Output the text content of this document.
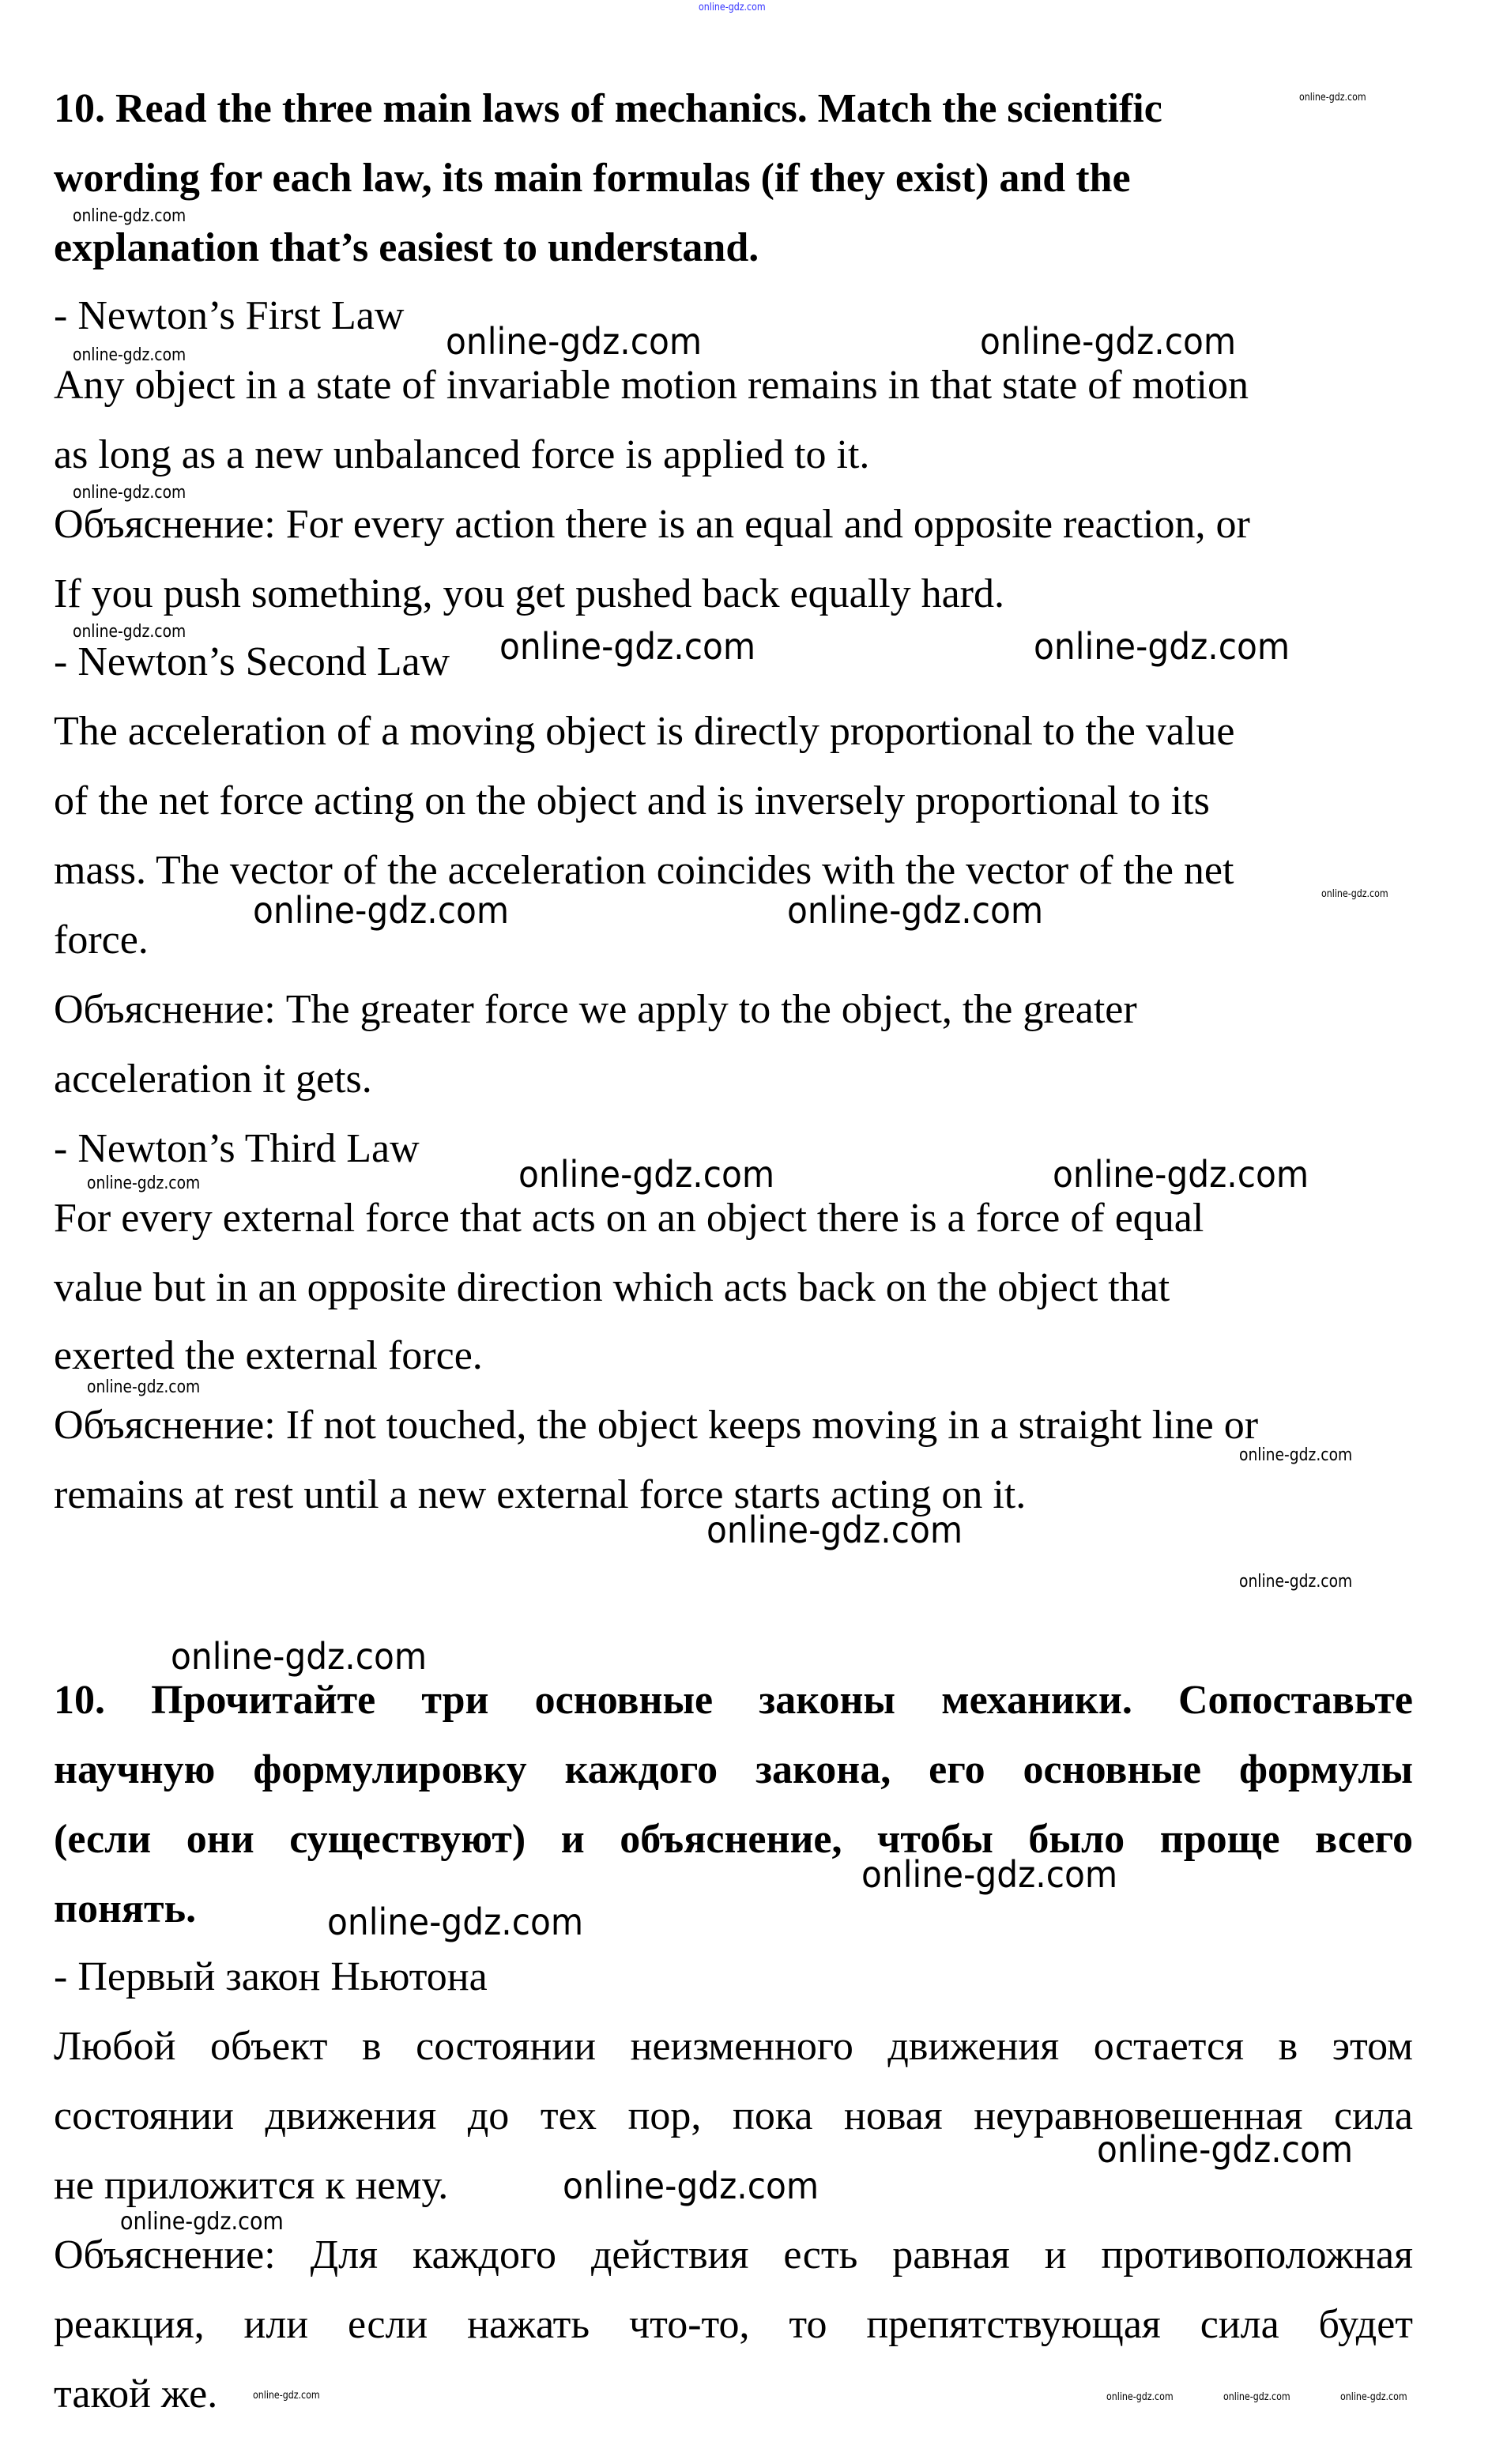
10. Read the three main laws of mechanics. Match the scientific
wording for each law, its main formulas (if they exist) and the
explanation that’s easiest to understand.
- Newton’s First Law
Any object in a state of invariable motion remains in that state of motion
as long as a new unbalanced force is applied to it.
Объяснение: For every action there is an equal and opposite reaction, or
If you push something, you get pushed back equally hard.
- Newton’s Second Law
The acceleration of a moving object is directly proportional to the value
of the net force acting on the object and is inversely proportional to its
mass. The vector of the acceleration coincides with the vector of the net
force.
Объяснение: The greater force we apply to the object, the greater
acceleration it gets.
- Newton’s Third Law
For every external force that acts on an object there is a force of equal
value but in an opposite direction which acts back on the object that
exerted the external force.
Объяснение: If not touched, the object keeps moving in a straight line or
remains at rest until a new external force starts acting on it.
10. Прочитайте три основные законы механики. Сопоставьте
научную формулировку каждого закона, его основные формулы
(если они существуют) и объяснение, чтобы было проще всего
понять.
- Первый закон Ньютона
Любой объект в состоянии неизменного движения остается в этом
состоянии движения до тех пор, пока новая неуравновешенная сила
не приложится к нему.
Объяснение: Для каждого действия есть равная и противоположная
реакция, или если нажать что-то, то препятствующая сила будет
такой же.
online-gdz.com
online-gdz.com
online-gdz.com
online-gdz.com
online-gdz.com
online-gdz.com
online-gdz.com	online-gdz.com
online-gdz.com	online-gdz.com
online-gdz.com	online-gdz.com	online-gdz.com
online-gdz.com	online-gdz.com	online-gdz.com
online-gdz.com
online-gdz.com
online-gdz.com
online-gdz.com
online-gdz.com
online-gdz.com
online-gdz.com
online-gdz.com
online-gdz.com
online-gdz.com
online-gdz.com	online-gdz.com	online-gdz.com	online-gdz.com
